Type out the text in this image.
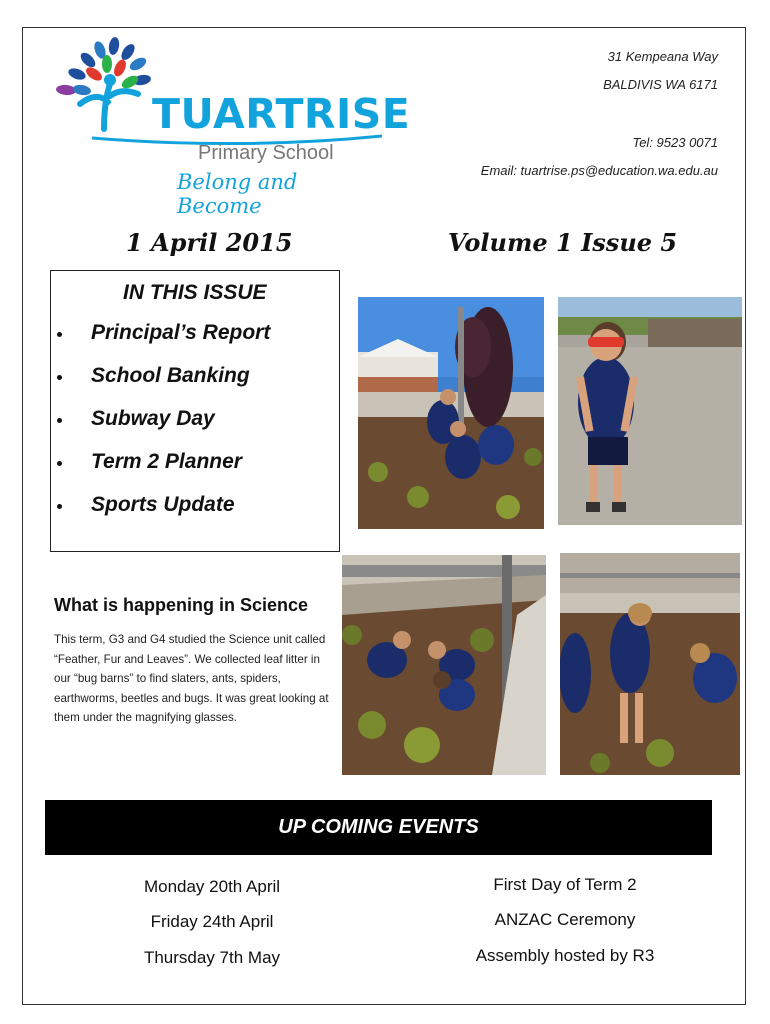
TUARTRISE
Primary School
Belong and Become
31 Kempeana Way
BALDIVIS WA 6171
Tel: 9523 0071
Email: tuartrise.ps@education.wa.edu.au
1 April 2015	Volume 1 Issue 5
IN THIS ISSUE
Principal’s Report
School Banking
Subway Day
Term 2 Planner
Sports Update
What is happening in Science
This term, G3 and G4 studied the Science unit called “Feather, Fur and Leaves”. We collected leaf litter in our “bug barns” to find slaters, ants, spiders, earthworms, beetles and bugs. It was great looking at them under the magnifying glasses.
UP COMING EVENTS
Monday 20th April	First Day of Term 2
Friday 24th April	ANZAC Ceremony
Thursday 7th May	Assembly hosted by R3
